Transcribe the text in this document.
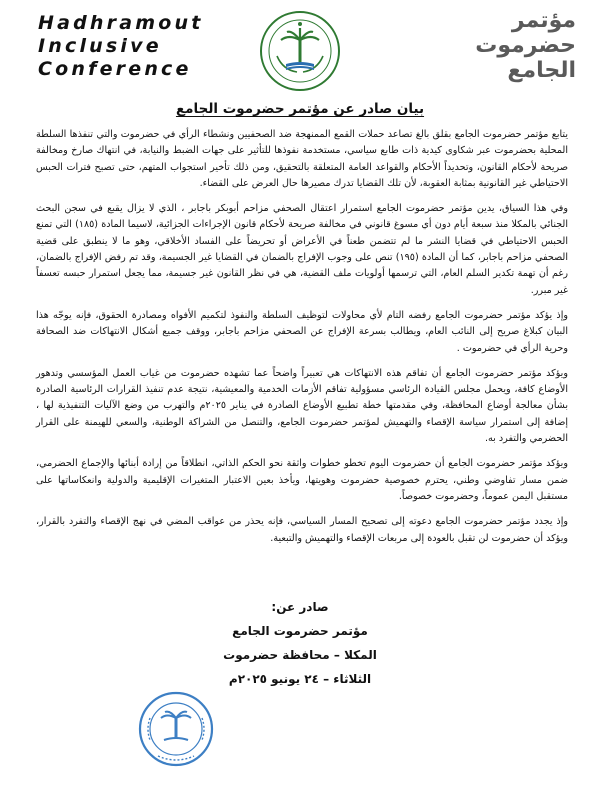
Hadhramout
Inclusive
Conference
مؤتمر
حضرموت
الجامع
بيان صادر عن مؤتمر حضرموت الجامع

يتابع مؤتمر حضرموت الجامع بقلق بالغ تصاعد حملات القمع الممنهجة ضد الصحفيين ونشطاء الرأي في حضرموت والتي تنفذها السلطة المحلية بحضرموت عبر شكاوى كيدية ذات طابع سياسي، مستخدمة نفوذها للتأثير على جهات الضبط والنيابة، في انتهاك صارخ ومخالفة صريحة لأحكام القانون، وتحديداً الأحكام والقواعد العامة المتعلقة بالتحقيق، ومن ذلك تأخير استجواب المتهم، حتى تصبح فترات الحبس الاحتياطي غير القانونية بمثابة العقوبة، لأن تلك القضايا تدرك مصيرها حال العرض على القضاء.

وفي هذا السياق، يدين مؤتمر حضرموت الجامع استمرار اعتقال الصحفي مزاحم أبوبكر باجابر ، الذي لا يزال يقبع في سجن البحث الجنائي بالمكلا منذ سبعة أيام دون أي مسوغ قانوني في مخالفة صريحة لأحكام قانون الإجراءات الجزائية، لاسيما المادة (١٨٥) التي تمنع الحبس الاحتياطي في قضايا النشر ما لم تتضمن طعناً في الأعراض أو تحريضاً على الفساد الأخلاقي، وهو ما لا ينطبق على قضية الصحفي مزاحم باجابر، كما أن المادة (١٩٥) تنص على وجوب الإفراج بالضمان في القضايا غير الجسيمة، وقد تم رفض الإفراج بالضمان، رغم أن تهمة تكدير السلم العام، التي ترسمها أولويات ملف القضية، هي في نظر القانون غير جسيمة، مما يجعل استمرار حبسه تعسفاً غير مبرر.

وإذ يؤكد مؤتمر حضرموت الجامع رفضه التام لأي محاولات لتوظيف السلطة والنفوذ لتكميم الأفواه ومصادرة الحقوق، فإنه يوجّه هذا البيان كبلاغ صريح إلى النائب العام، ويطالب بسرعة الإفراج عن الصحفي مزاحم باجابر، ووقف جميع أشكال الانتهاكات ضد الصحافة وحرية الرأي في حضرموت .

ويؤكد مؤتمر حضرموت الجامع أن تفاقم هذه الانتهاكات هي تعبيراً واضحاً عما تشهده حضرموت من غياب العمل المؤسسي وتدهور الأوضاع كافة، ويحمل مجلس القيادة الرئاسي مسؤولية تفاقم الأزمات الخدمية والمعيشية، نتيجة عدم تنفيذ القرارات الرئاسية الصادرة بشأن معالجة أوضاع المحافظة، وفي مقدمتها خطة تطبيع الأوضاع الصادرة في يناير ٢٠٢٥م والتهرب من وضع الآليات التنفيذية لها ، إضافة إلى استمرار سياسة الإقصاء والتهميش لمؤتمر حضرموت الجامع، والتنصل من الشراكة الوطنية، والسعي للهيمنة على القرار الحضرمي والتفرد به.

ويؤكد مؤتمر حضرموت الجامع أن حضرموت اليوم تخطو خطوات واثقة نحو الحكم الذاتي، انطلاقاً من إرادة أبنائها والإجماع الحضرمي، ضمن مسار تفاوضي وطني، يحترم خصوصية حضرموت وهويتها، ويأخذ بعين الاعتبار المتغيرات الإقليمية والدولية وانعكاساتها على مستقبل اليمن عموماً، وحضرموت خصوصاً.

وإذ يجدد مؤتمر حضرموت الجامع دعوته إلى تصحيح المسار السياسي، فإنه يحذر من عواقب المضي في نهج الإقصاء والتفرد بالقرار، ويؤكد أن حضرموت لن تقبل بالعودة إلى مربعات الإقصاء والتهميش والتبعية.

صادر عن:
مؤتمر حضرموت الجامع
المكلا – محافظة حضرموت
الثلاثاء – ٢٤ يونيو ٢٠٢٥م
